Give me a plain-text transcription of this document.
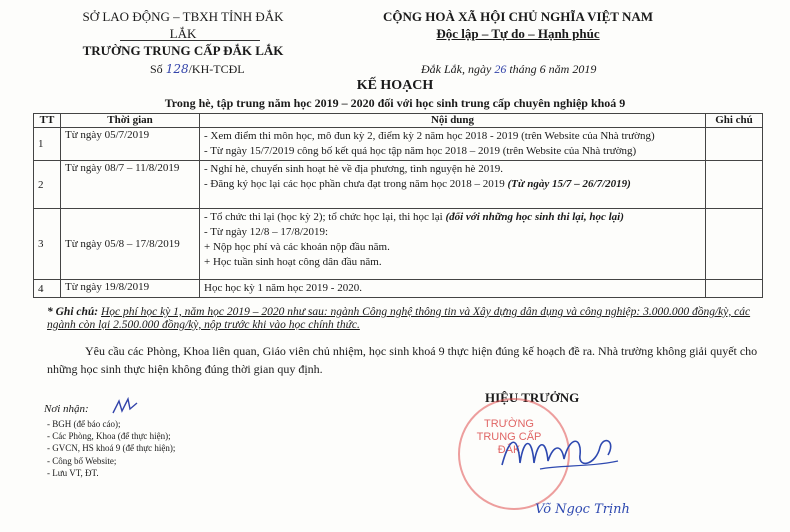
SỞ LAO ĐỘNG – TBXH TỈNH ĐẮK LẮK
TRƯỜNG TRUNG CẤP ĐẮK LẮK
CỘNG HOÀ XÃ HỘI CHỦ NGHĨA VIỆT NAM
Độc lập – Tự do – Hạnh phúc
Số 128/KH-TCĐL	Đắk Lắk, ngày 26 tháng 6 năm 2019
KẾ HOẠCH
Trong hè, tập trung năm học 2019 – 2020 đối với học sinh trung cấp chuyên nghiệp khoá 9
TT	Thời gian	Nội dung	Ghi chú
1	Từ ngày 05/7/2019	- Xem điểm thi môn học, mô đun kỳ 2, điểm kỳ 2 năm học 2018 - 2019 (trên Website của Nhà trường)
- Từ ngày 15/7/2019 công bố kết quả học tập năm học 2018 – 2019 (trên Website của Nhà trường)	

2	Từ ngày 08/7 – 11/8/2019	- Nghỉ hè, chuyển sinh hoạt hè về địa phương, tình nguyện hè 2019.
- Đăng ký học lại các học phần chưa đạt trong năm học 2018 – 2019 (Từ ngày 15/7 – 26/7/2019)	

3	Từ ngày 05/8 – 17/8/2019	- Tổ chức thi lại (học kỳ 2); tổ chức học lại, thi học lại (đối với những học sinh thi lại, học lại)
- Từ ngày 12/8 – 17/8/2019:
+ Nộp học phí và các khoản nộp đầu năm.
+ Học tuần sinh hoạt công dân đầu năm.	

4	Từ ngày 19/8/2019	Học học kỳ 1 năm học 2019 - 2020.	

* Ghi chú: Học phí học kỳ 1, năm học 2019 – 2020 như sau: ngành Công nghệ thông tin và Xây dựng dân dụng và công nghiệp: 3.000.000 đồng/kỳ, các ngành còn lại 2.500.000 đồng/kỳ, nộp trước khi vào học chính thức.
Yêu cầu các Phòng, Khoa liên quan, Giáo viên chủ nhiệm, học sinh khoá 9 thực hiện đúng kế hoạch đề ra. Nhà trường không giải quyết cho những học sinh thực hiện không đúng thời gian quy định.
Nơi nhận:
- BGH (để báo cáo);
- Các Phòng, Khoa (để thực hiện);
- GVCN, HS khoá 9 (để thực hiện);
- Công bố Website;
- Lưu VT, ĐT.
HIỆU TRƯỞNG
TRƯỜNG TRUNG CẤP ĐẮK
Võ Ngọc Trịnh
